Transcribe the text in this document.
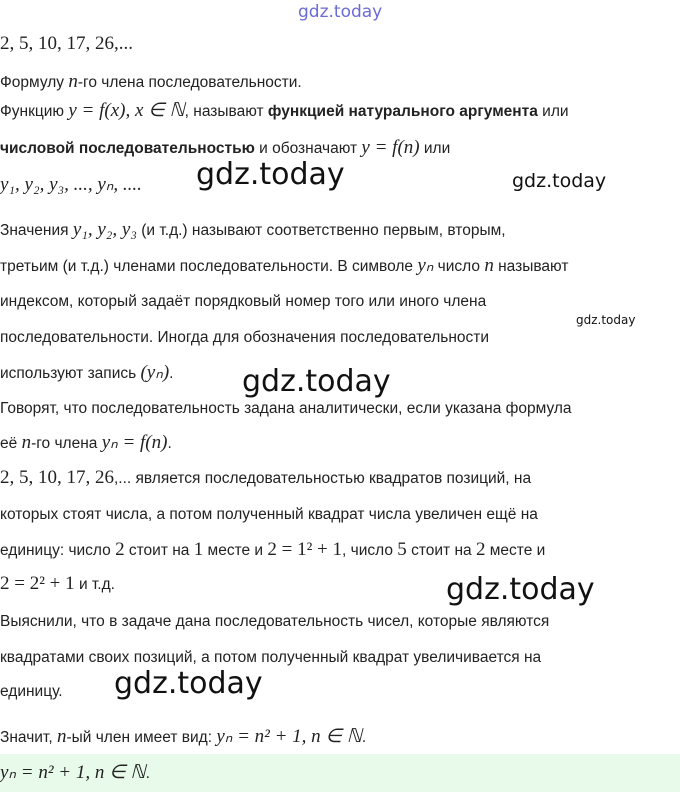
gdz.today
gdz.today	gdz.today
gdz.today
gdz.today
gdz.today
gdz.today
2, 5, 10, 17, 26,...
Формулу n-го члена последовательности.
Функцию y = f(x), x ∈ ℕ, называют функцией натурального аргумента или
числовой последовательностью и обозначают y = f(n) или
y₁, y₂, y₃, ..., yₙ, ....
Значения y₁, y₂, y₃ (и т.д.) называют соответственно первым, вторым,
третьим (и т.д.) членами последовательности. В символе yₙ число n называют
индексом, который задаёт порядковый номер того или иного члена
последовательности. Иногда для обозначения последовательности
используют запись (yₙ).
Говорят, что последовательность задана аналитически, если указана формула
её n-го члена yₙ = f(n).
2, 5, 10, 17, 26,... является последовательностью квадратов позиций, на
которых стоят числа, а потом полученный квадрат числа увеличен ещё на
единицу: число 2 стоит на 1 месте и 2 = 1² + 1, число 5 стоит на 2 месте и
2 = 2² + 1 и т.д.
Выяснили, что в задаче дана последовательность чисел, которые являются
квадратами своих позиций, а потом полученный квадрат увеличивается на
единицу.
Значит, n-ый член имеет вид: yₙ = n² + 1, n ∈ ℕ.
yₙ = n² + 1, n ∈ ℕ.
